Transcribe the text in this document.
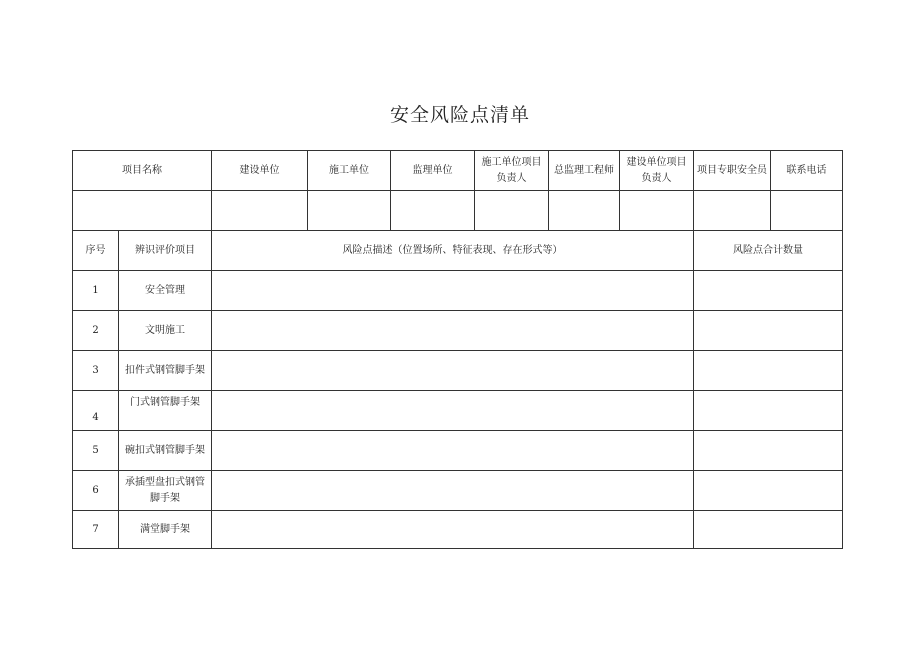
安全风险点清单
项目名称		建设单位	施工单位	监理单位	施工单位项目负责人	总监理工程师	建设单位项目负责人	项目专职安全员	联系电话

序号	辨识评价项目	风险点描述（位置场所、特征表现、存在形式等）						风险点合计数量	
1	安全管理								
2	文明施工								
3	扣件式钢管脚手架								
4	门式钢管脚手架								
5	碗扣式钢管脚手架								
6	承插型盘扣式钢管脚手架								
7	满堂脚手架								
